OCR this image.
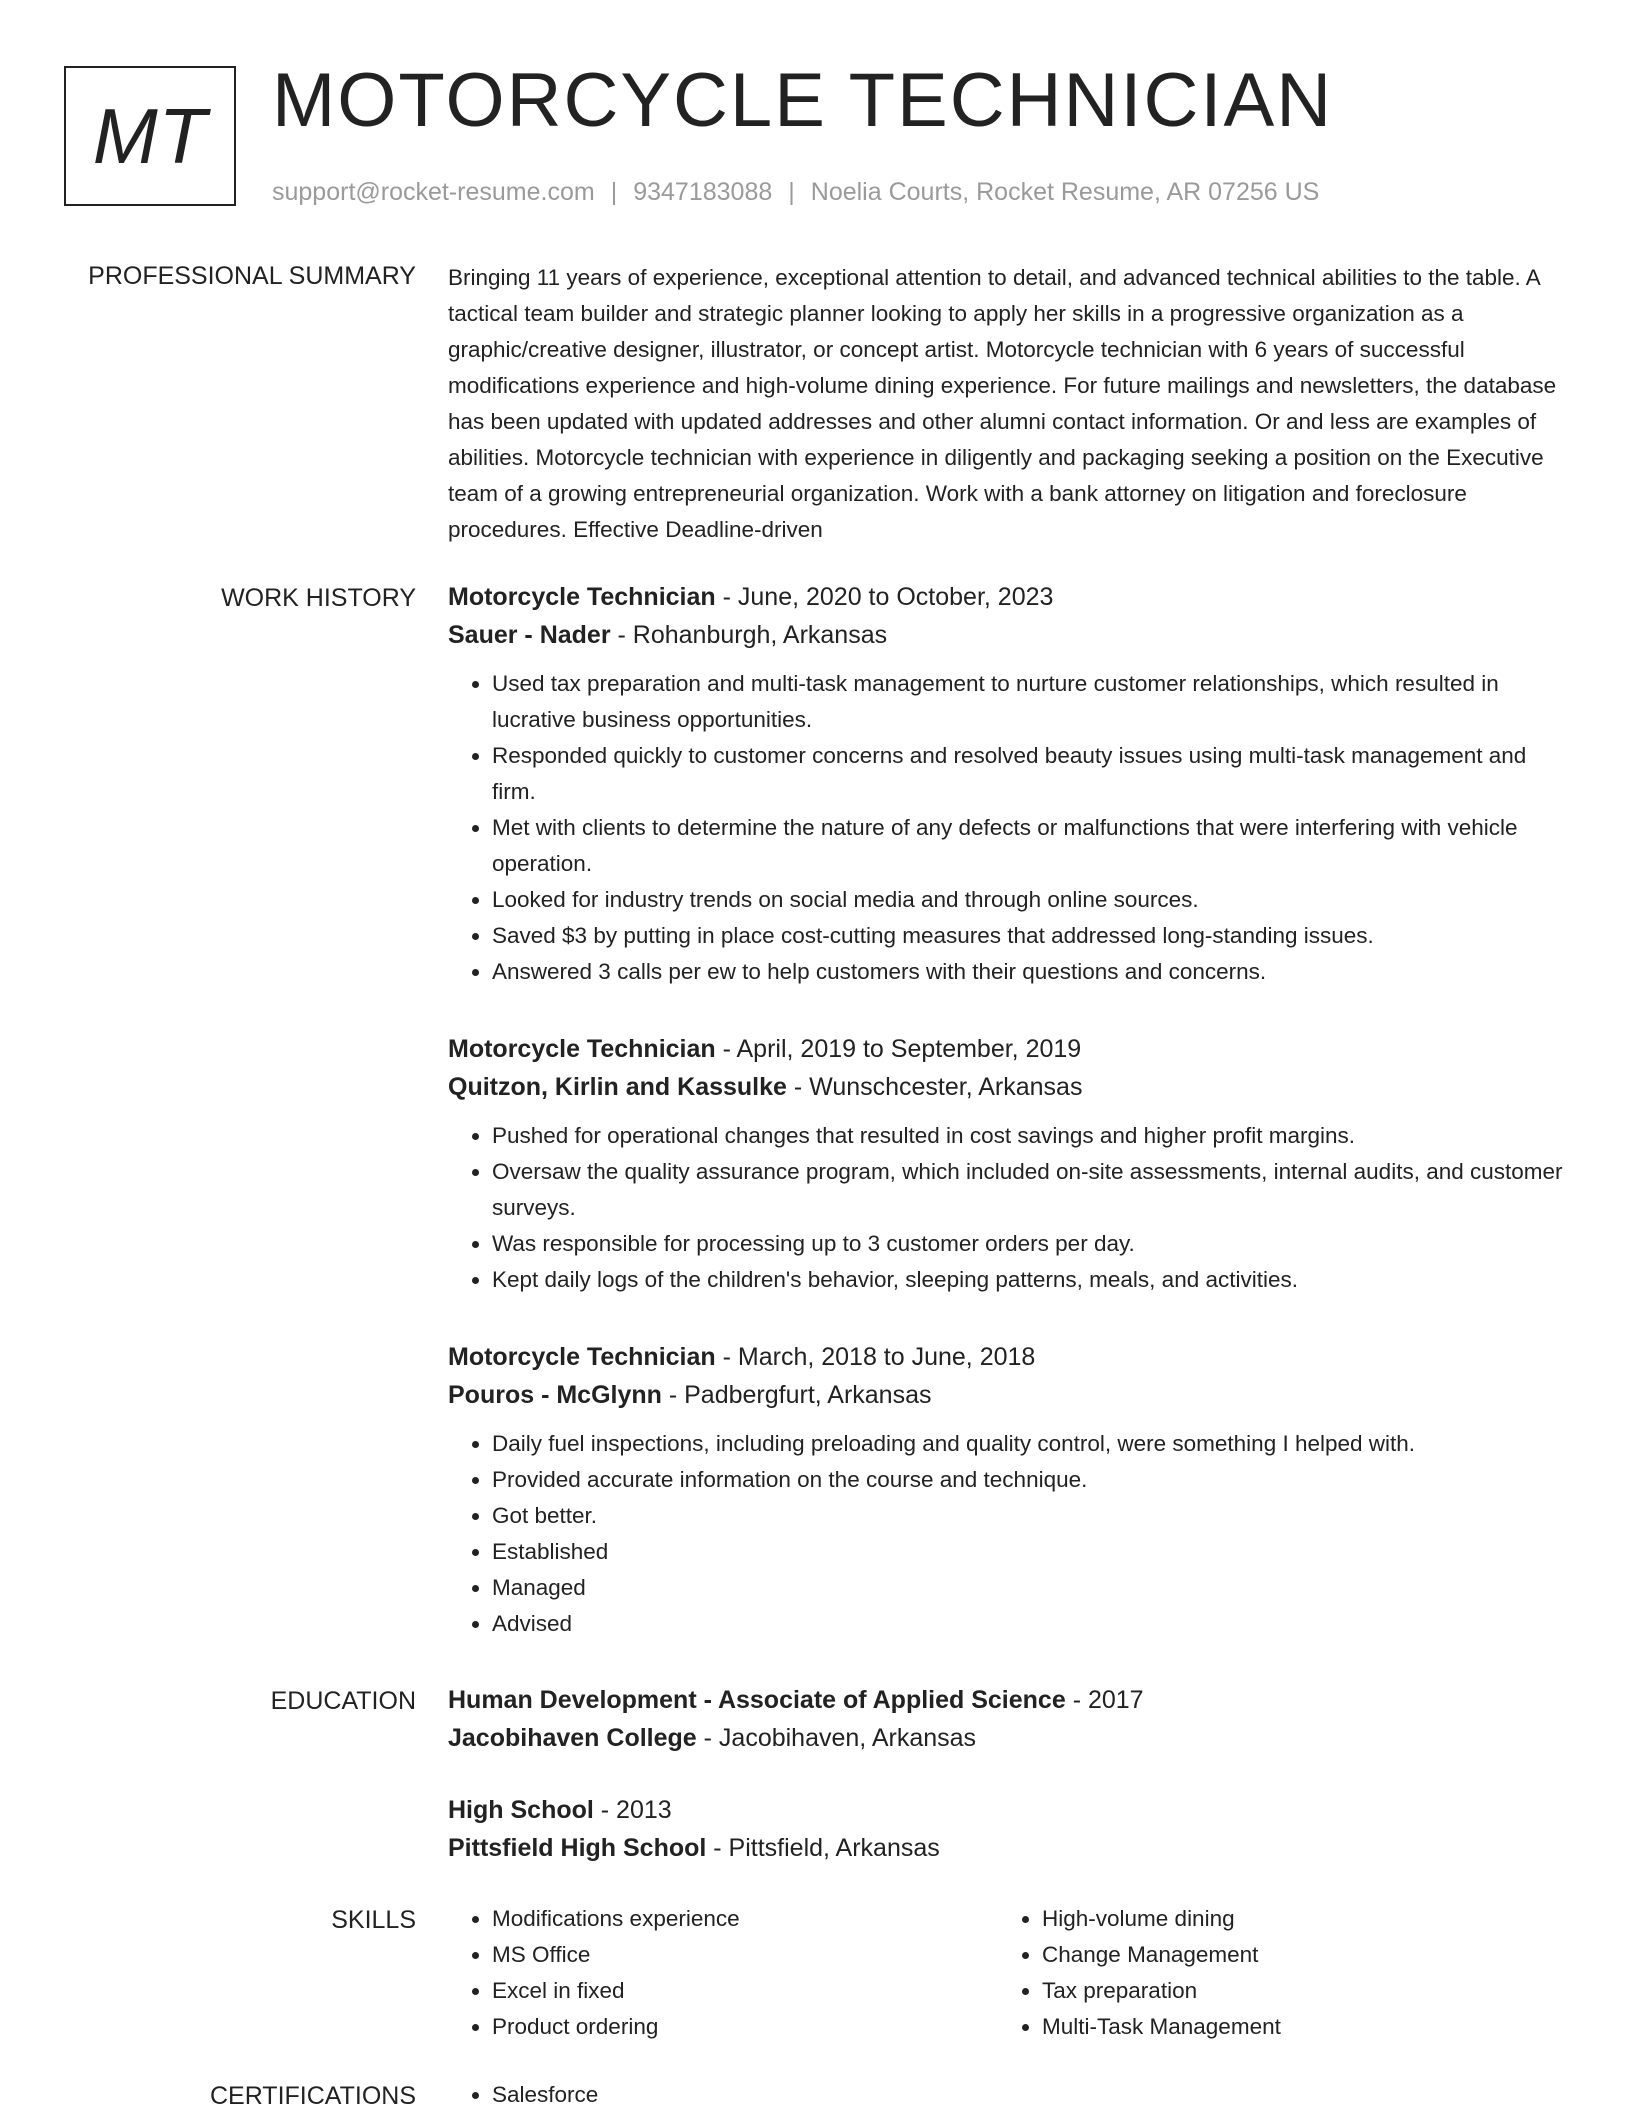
MT MOTORCYCLE TECHNICIAN
support@rocket-resume.com | 9347183088 | Noelia Courts, Rocket Resume, AR 07256 US
PROFESSIONAL SUMMARY Bringing 11 years of experience, exceptional attention to detail, and advanced technical abilities to the table. A tactical team builder and strategic planner looking to apply her skills in a progressive organization as a graphic/creative designer, illustrator, or concept artist. Motorcycle technician with 6 years of successful modifications experience and high-volume dining experience. For future mailings and newsletters, the database has been updated with updated addresses and other alumni contact information. Or and less are examples of abilities. Motorcycle technician with experience in diligently and packaging seeking a position on the Executive team of a growing entrepreneurial organization. Work with a bank attorney on litigation and foreclosure procedures. Effective Deadline-driven

WORK HISTORY Motorcycle Technician - June, 2020 to October, 2023
Sauer - Nader - Rohanburgh, Arkansas
• Used tax preparation and multi-task management to nurture customer relationships, which resulted in lucrative business opportunities.
• Responded quickly to customer concerns and resolved beauty issues using multi-task management and firm.
• Met with clients to determine the nature of any defects or malfunctions that were interfering with vehicle operation.
• Looked for industry trends on social media and through online sources.
• Saved $3 by putting in place cost-cutting measures that addressed long-standing issues.
• Answered 3 calls per ew to help customers with their questions and concerns.
Motorcycle Technician - April, 2019 to September, 2019
Quitzon, Kirlin and Kassulke - Wunschcester, Arkansas
• Pushed for operational changes that resulted in cost savings and higher profit margins.
• Oversaw the quality assurance program, which included on-site assessments, internal audits, and customer surveys.
• Was responsible for processing up to 3 customer orders per day.
• Kept daily logs of the children's behavior, sleeping patterns, meals, and activities.
Motorcycle Technician - March, 2018 to June, 2018
Pouros - McGlynn - Padbergfurt, Arkansas
• Daily fuel inspections, including preloading and quality control, were something I helped with.
• Provided accurate information on the course and technique.
• Got better.
• Established
• Managed
• Advised
EDUCATION Human Development - Associate of Applied Science - 2017
Jacobihaven College - Jacobihaven, Arkansas
High School - 2013
Pittsfield High School - Pittsfield, Arkansas
SKILLS	• Modifications experience
• MS Office
• Excel in fixed
• Product ordering
• High-volume dining
• Change Management
• Tax preparation
• Multi-Task Management
CERTIFICATIONS	• Salesforce
